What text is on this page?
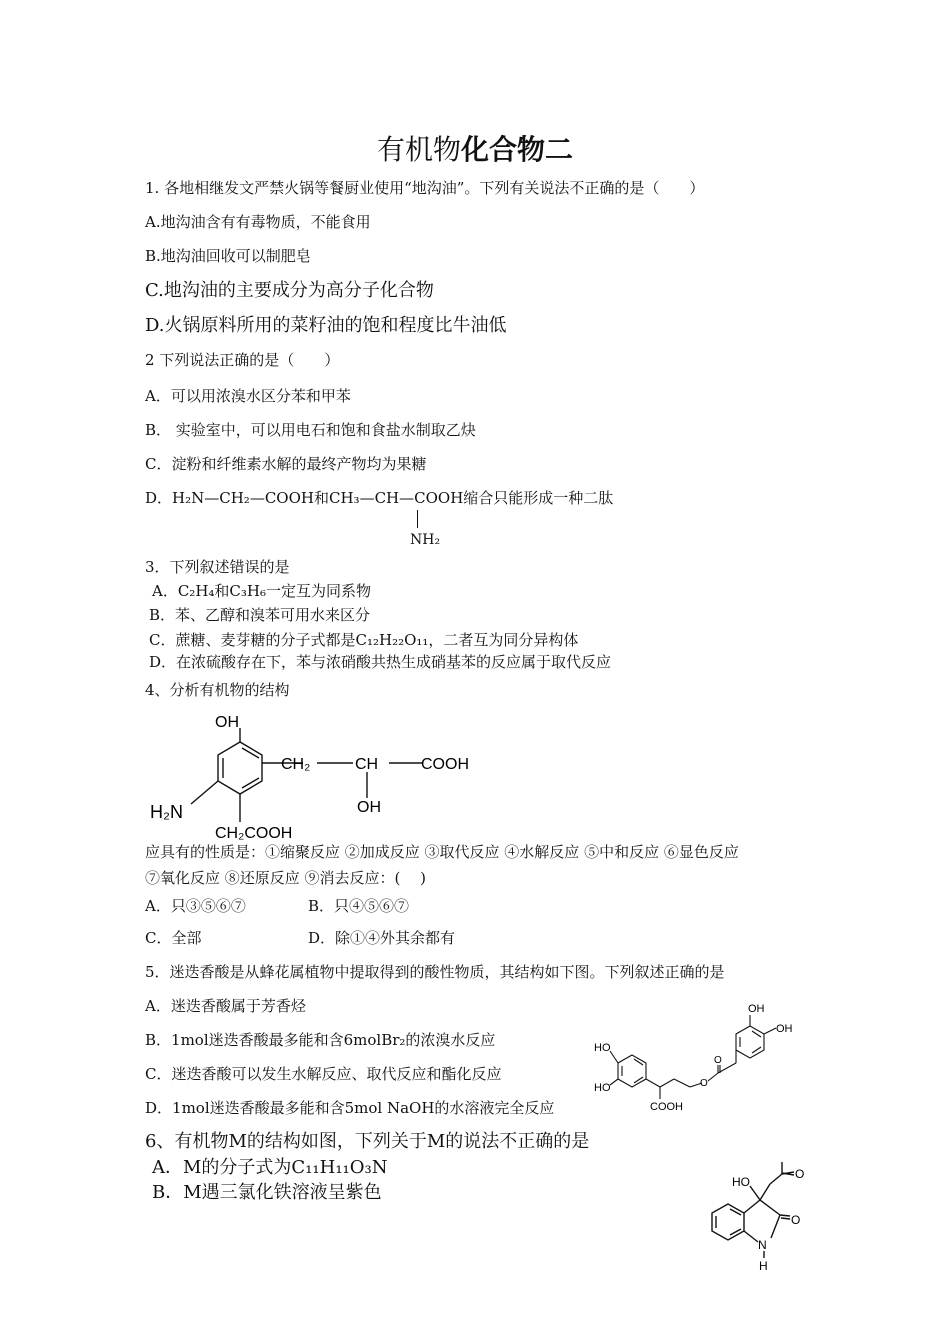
有机物化合物二
1. 各地相继发文严禁火锅等餐厨业使用“地沟油”。下列有关说法不正确的是（　　）
A.地沟油含有有毒物质，不能食用
B.地沟油回收可以制肥皂
C.地沟油的主要成分为高分子化合物
D.火锅原料所用的菜籽油的饱和程度比牛油低
2 下列说法正确的是（　　）
A．可以用浓溴水区分苯和甲苯
B． 实验室中，可以用电石和饱和食盐水制取乙炔
C．淀粉和纤维素水解的最终产物均为果糖
D．H₂N—CH₂—COOH和CH₃—CH—COOH缩合只能形成一种二肽
NH₂
3．下列叙述错误的是
A．C₂H₄和C₃H₆一定互为同系物
B．苯、乙醇和溴苯可用水来区分
C．蔗糖、麦芽糖的分子式都是C₁₂H₂₂O₁₁，二者互为同分异构体
D．在浓硫酸存在下，苯与浓硝酸共热生成硝基苯的反应属于取代反应
4、分析有机物的结构
OH
CH₂	CH	COOH
OH
H₂N
CH₂COOH
应具有的性质是：①缩聚反应 ②加成反应 ③取代反应 ④水解反应 ⑤中和反应 ⑥显色反应
⑦氧化反应 ⑧还原反应 ⑨消去反应：(　 )
A．只③⑤⑥⑦	B．只④⑤⑥⑦
C．全部	D．除①④外其余都有
5．迷迭香酸是从蜂花属植物中提取得到的酸性物质，其结构如下图。下列叙述正确的是
A．迷迭香酸属于芳香烃
B．1mol迷迭香酸最多能和含6molBr₂的浓溴水反应
C．迷迭香酸可以发生水解反应、取代反应和酯化反应
D．1mol迷迭香酸最多能和含5mol NaOH的水溶液完全反应
OH
OH
HO
HO	O
O
COOH
6、有机物M的结构如图，下列关于M的说法不正确的是
A．M的分子式为C₁₁H₁₁O₃N
B．M遇三氯化铁溶液呈紫色	HO
O
O
N
H
